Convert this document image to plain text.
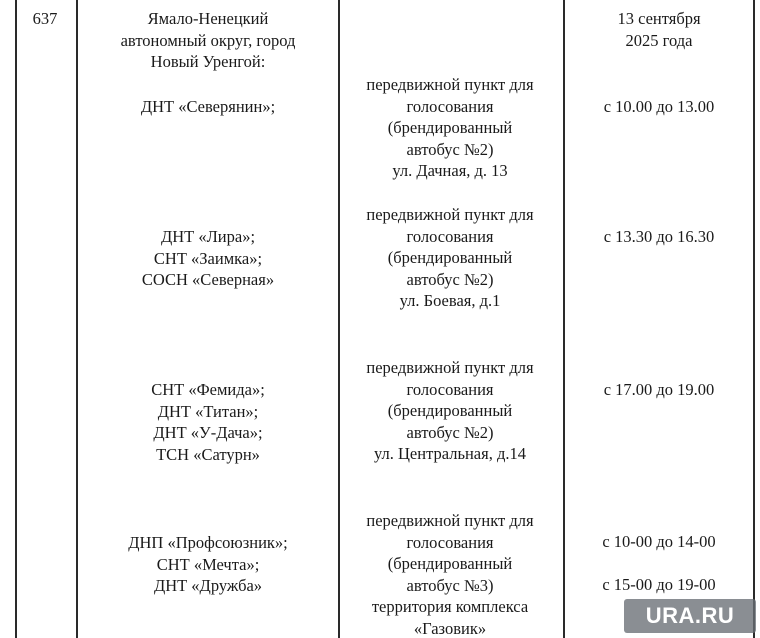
637	Ямало-Ненецкий
автономный округ, город
Новый Уренгой:
13 сентября
2025 года
ДНТ «Северянин»;
передвижной пункт для
голосования
(брендированный
автобус №2)
ул. Дачная, д. 13
с 10.00 до 13.00
ДНТ «Лира»;
СНТ «Заимка»;
СОСН «Северная»
передвижной пункт для
голосования
(брендированный
автобус №2)
ул. Боевая, д.1
с 13.30 до 16.30
СНТ «Фемида»;
ДНТ «Титан»;
ДНТ «У-Дача»;
ТСН «Сатурн»
передвижной пункт для
голосования
(брендированный
автобус №2)
ул. Центральная, д.14
с 17.00 до 19.00
ДНП «Профсоюзник»;
СНТ «Мечта»;
ДНТ «Дружба»
передвижной пункт для
голосования
(брендированный
автобус №3)
территория комплекса
«Газовик»
с 10-00 до 14-00
с 15-00 до 19-00
URA.RU
